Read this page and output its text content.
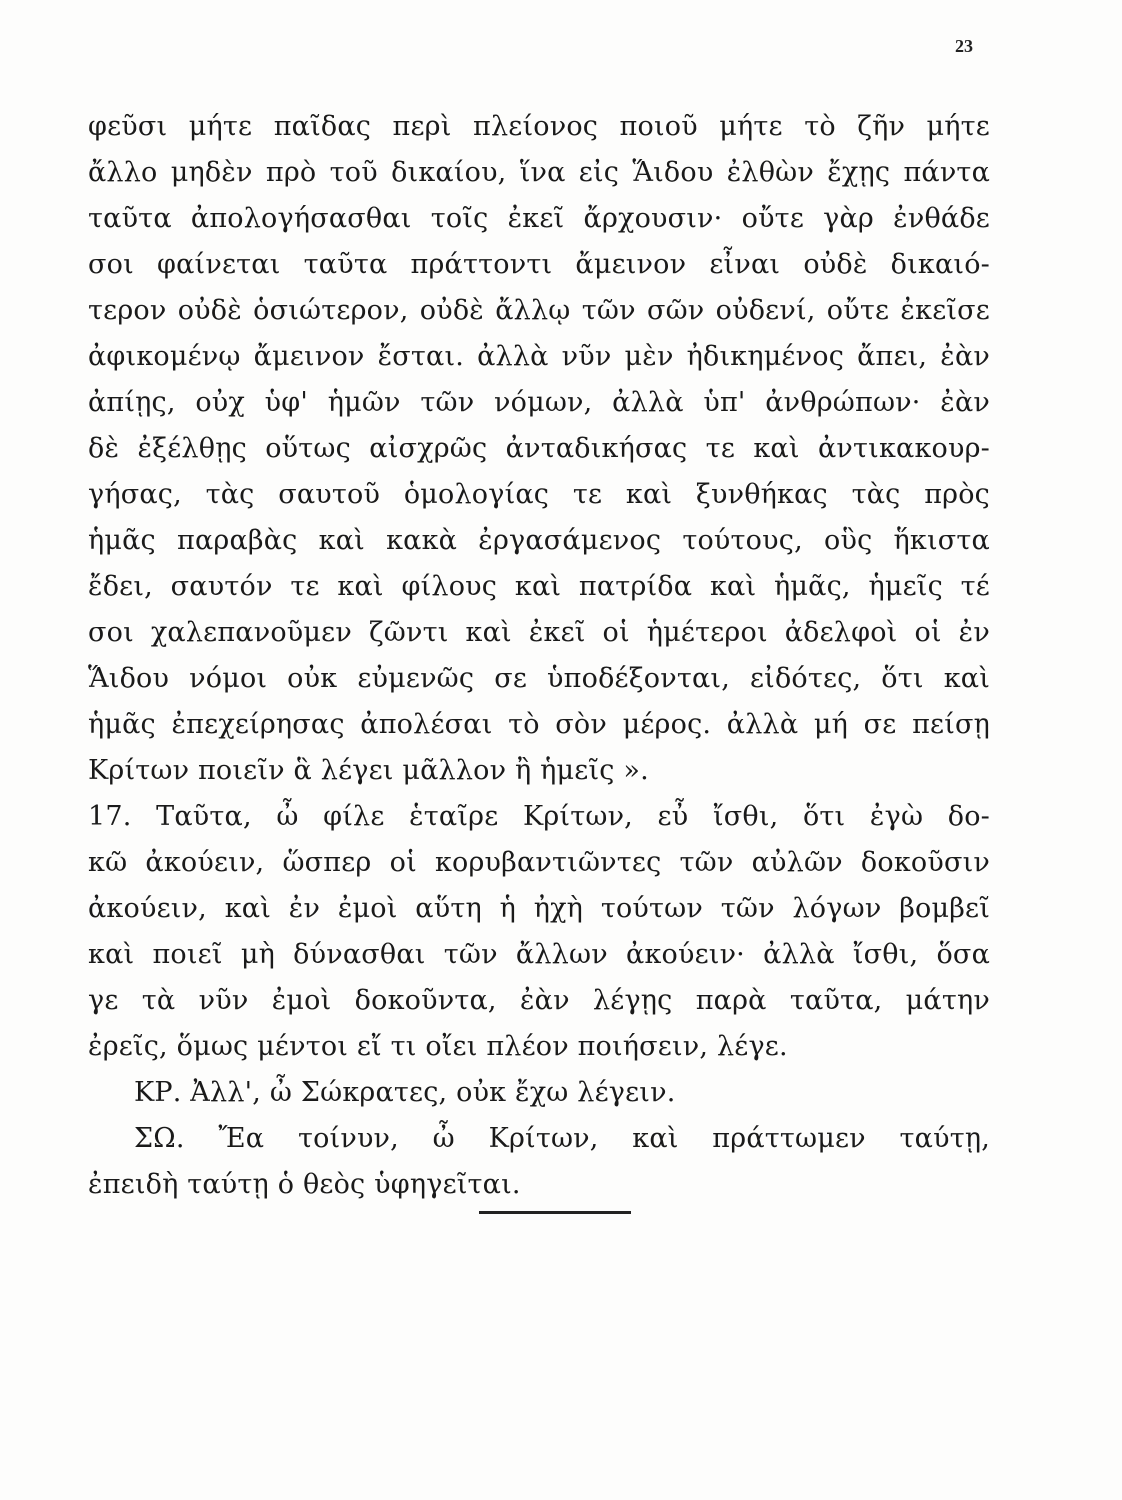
23
φεῦσι μήτε παῖδας περὶ πλείονος ποιοῦ μήτε τὸ ζῆν μήτε
ἄλλο μηδὲν πρὸ τοῦ δικαίου, ἵνα εἰς Ἅιδου ἐλθὼν ἔχῃς πάντα
ταῦτα ἀπολογήσασθαι τοῖς ἐκεῖ ἄρχουσιν· οὔτε γὰρ ἐνθάδε
σοι φαίνεται ταῦτα πράττοντι ἄμεινον εἶναι οὐδὲ δικαιό-
τερον οὐδὲ ὁσιώτερον, οὐδὲ ἄλλῳ τῶν σῶν οὐδενί, οὔτε ἐκεῖσε
ἀφικομένῳ ἄμεινον ἔσται. ἀλλὰ νῦν μὲν ἠδικημένος ἄπει, ἐὰν
ἀπίῃς, οὐχ ὑφ' ἡμῶν τῶν νόμων, ἀλλὰ ὑπ' ἀνθρώπων· ἐὰν
δὲ ἐξέλθῃς οὕτως αἰσχρῶς ἀνταδικήσας τε καὶ ἀντικακουρ-
γήσας, τὰς σαυτοῦ ὁμολογίας τε καὶ ξυνθήκας τὰς πρὸς
ἡμᾶς παραβὰς καὶ κακὰ ἐργασάμενος τούτους, οὓς ἥκιστα
ἔδει, σαυτόν τε καὶ φίλους καὶ πατρίδα καὶ ἡμᾶς, ἡμεῖς τέ
σοι χαλεπανοῦμεν ζῶντι καὶ ἐκεῖ οἱ ἡμέτεροι ἀδελφοὶ οἱ ἐν
Ἅιδου νόμοι οὐκ εὐμενῶς σε ὑποδέξονται, εἰδότες, ὅτι καὶ
ἡμᾶς ἐπεχείρησας ἀπολέσαι τὸ σὸν μέρος. ἀλλὰ μή σε πείσῃ
Κρίτων ποιεῖν ἃ λέγει μᾶλλον ἢ ἡμεῖς ».
17. Ταῦτα, ὦ φίλε ἑταῖρε Κρίτων, εὖ ἴσθι, ὅτι ἐγὼ δο-
κῶ ἀκούειν, ὥσπερ οἱ κορυβαντιῶντες τῶν αὐλῶν δοκοῦσιν
ἀκούειν, καὶ ἐν ἐμοὶ αὕτη ἡ ἠχὴ τούτων τῶν λόγων βομβεῖ
καὶ ποιεῖ μὴ δύνασθαι τῶν ἄλλων ἀκούειν· ἀλλὰ ἴσθι, ὅσα
γε τὰ νῦν ἐμοὶ δοκοῦντα, ἐὰν λέγῃς παρὰ ταῦτα, μάτην
ἐρεῖς, ὅμως μέντοι εἴ τι οἴει πλέον ποιήσειν, λέγε.
ΚΡ. Ἀλλ', ὦ Σώκρατες, οὐκ ἔχω λέγειν.
ΣΩ. Ἔα τοίνυν, ὦ Κρίτων, καὶ πράττωμεν ταύτῃ,
ἐπειδὴ ταύτῃ ὁ θεὸς ὑφηγεῖται.
